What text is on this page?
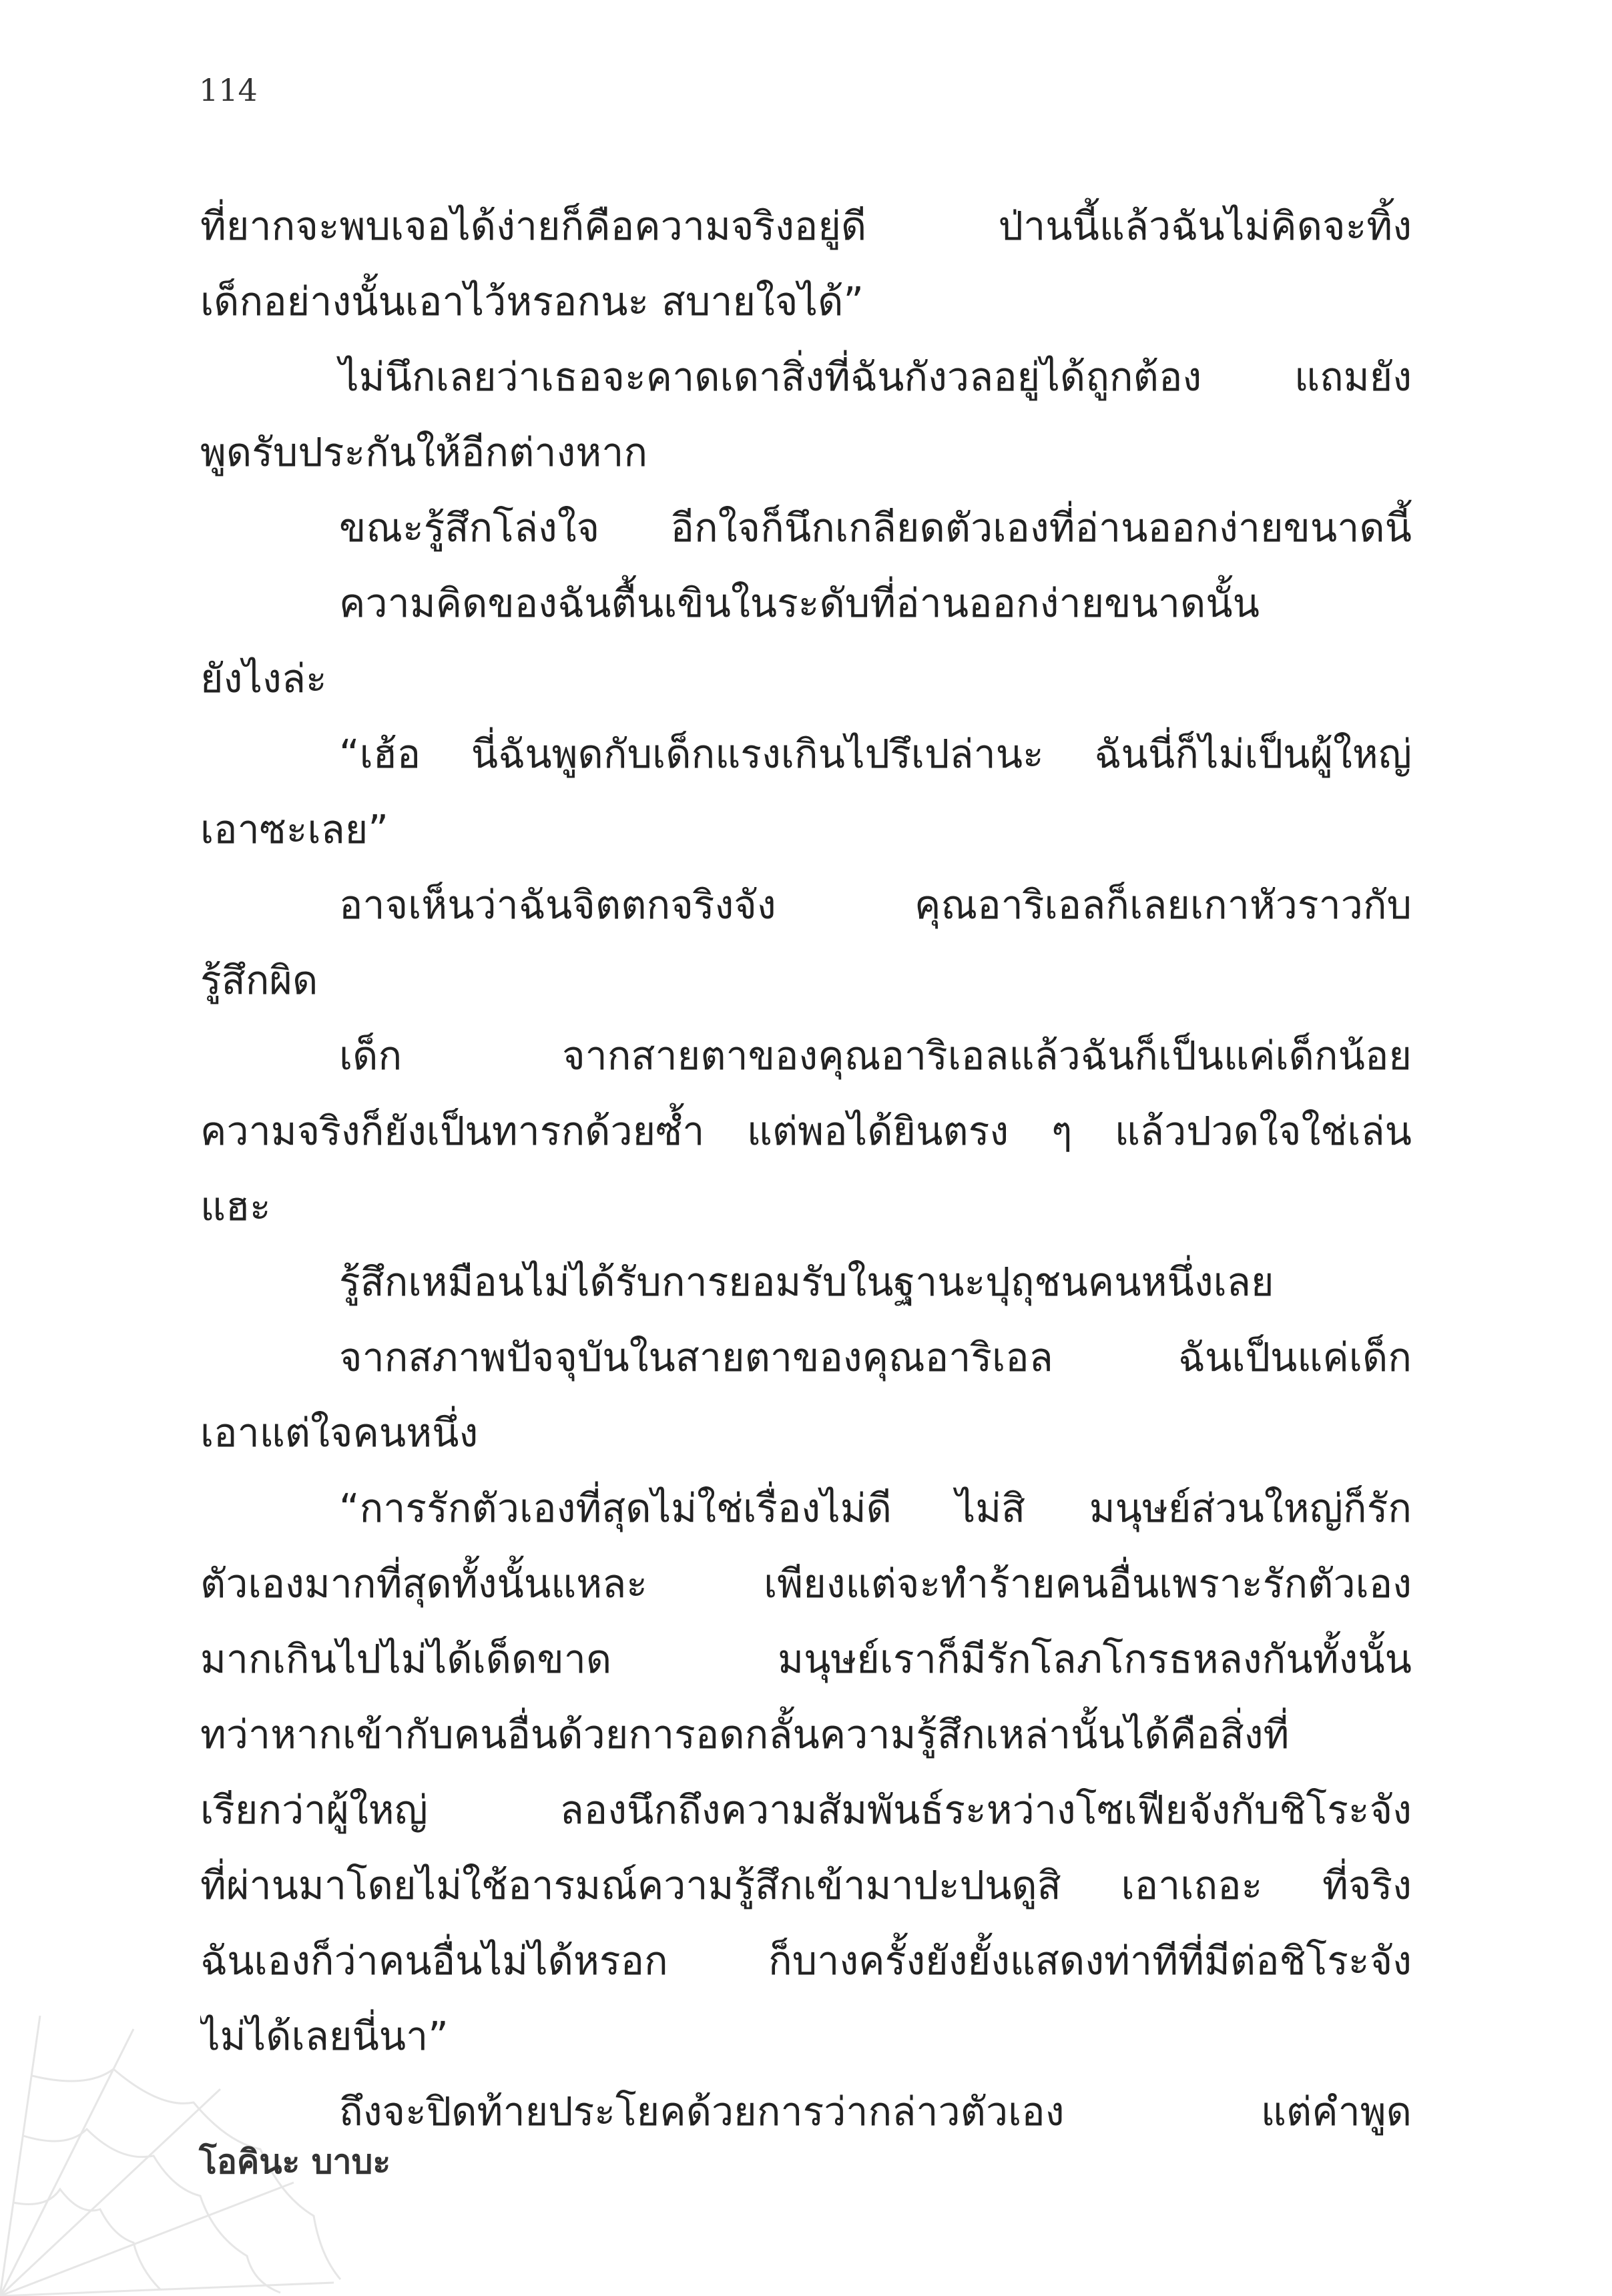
114
ที่ยากจะพบเจอได้ง่ายก็คือความจริงอยู่ดี ป่านนี้แล้วฉันไม่คิดจะทิ้ง
เด็กอย่างนั้นเอาไว้หรอกนะ สบายใจได้”
ไม่นึกเลยว่าเธอจะคาดเดาสิ่งที่ฉันกังวลอยู่ได้ถูกต้อง แถมยัง
พูดรับประกันให้อีกต่างหาก
ขณะรู้สึกโล่งใจ อีกใจก็นึกเกลียดตัวเองที่อ่านออกง่ายขนาดนี้
ความคิดของฉันตื้นเขินในระดับที่อ่านออกง่ายขนาดนั้น
ยังไงล่ะ
“เฮ้อ นี่ฉันพูดกับเด็กแรงเกินไปรึเปล่านะ ฉันนี่ก็ไม่เป็นผู้ใหญ่
เอาซะเลย”
อาจเห็นว่าฉันจิตตกจริงจัง คุณอาริเอลก็เลยเกาหัวราวกับ
รู้สึกผิด
เด็ก จากสายตาของคุณอาริเอลแล้วฉันก็เป็นแค่เด็กน้อย
ความจริงก็ยังเป็นทารกด้วยซ้ำ แต่พอได้ยินตรง ๆ แล้วปวดใจใช่เล่น
แฮะ
รู้สึกเหมือนไม่ได้รับการยอมรับในฐานะปุถุชนคนหนึ่งเลย
จากสภาพปัจจุบันในสายตาของคุณอาริเอล ฉันเป็นแค่เด็ก
เอาแต่ใจคนหนึ่ง
“การรักตัวเองที่สุดไม่ใช่เรื่องไม่ดี ไม่สิ มนุษย์ส่วนใหญ่ก็รัก
ตัวเองมากที่สุดทั้งนั้นแหละ เพียงแต่จะทำร้ายคนอื่นเพราะรักตัวเอง
มากเกินไปไม่ได้เด็ดขาด มนุษย์เราก็มีรักโลภโกรธหลงกันทั้งนั้น
ทว่าหากเข้ากับคนอื่นด้วยการอดกลั้นความรู้สึกเหล่านั้นได้คือสิ่งที่
เรียกว่าผู้ใหญ่ ลองนึกถึงความสัมพันธ์ระหว่างโซเฟียจังกับชิโระจัง
ที่ผ่านมาโดยไม่ใช้อารมณ์ความรู้สึกเข้ามาปะปนดูสิ เอาเถอะ ที่จริง
ฉันเองก็ว่าคนอื่นไม่ได้หรอก ก็บางครั้งยังยั้งแสดงท่าทีที่มีต่อชิโระจัง
ไม่ได้เลยนี่นา”
ถึงจะปิดท้ายประโยคด้วยการว่ากล่าวตัวเอง แต่คำพูด
โอคินะ บาบะ
